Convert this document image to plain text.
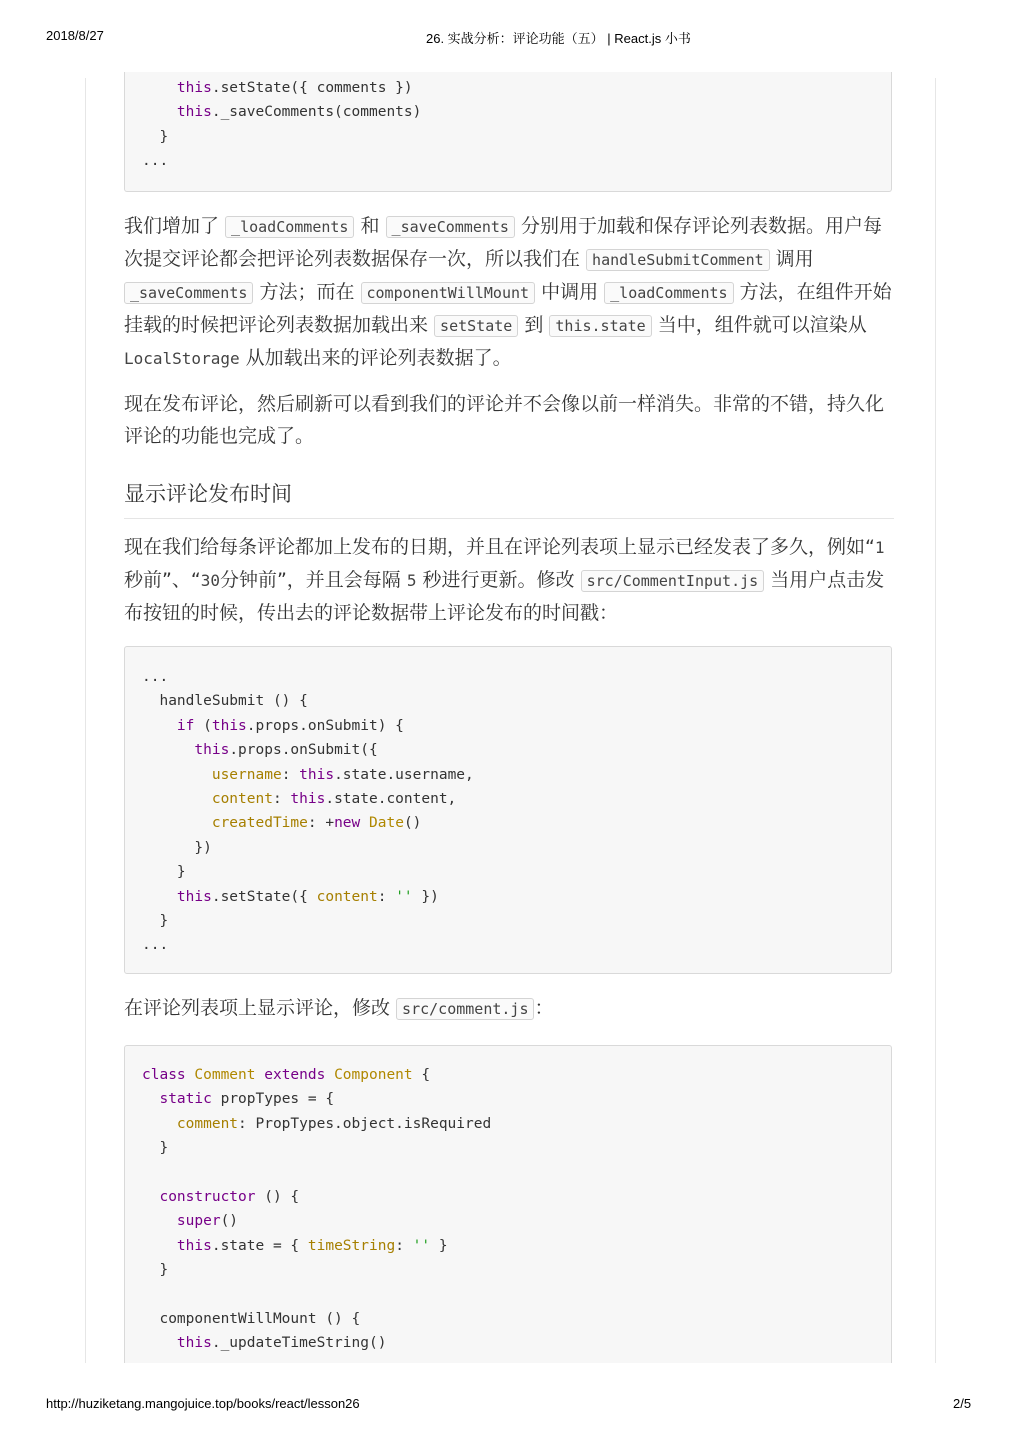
2018/8/27	26. 实战分析：评论功能（五） | React.js 小书
this.setState({ comments })
this._saveComments(comments)
}
...
我们增加了 _loadComments 和 _saveComments 分别用于加载和保存评论列表数据。用户每次提交评论都会把评论列表数据保存一次，所以我们在 handleSubmitComment 调用 _saveComments 方法；而在 componentWillMount 中调用 _loadComments 方法，在组件开始挂载的时候把评论列表数据加载出来 setState 到 this.state 当中，组件就可以渲染从 LocalStorage 从加载出来的评论列表数据了。
现在发布评论，然后刷新可以看到我们的评论并不会像以前一样消失。非常的不错，持久化评论的功能也完成了。
显示评论发布时间
现在我们给每条评论都加上发布的日期，并且在评论列表项上显示已经发表了多久，例如“1 秒前”、“30分钟前”，并且会每隔 5 秒进行更新。修改 src/CommentInput.js 当用户点击发布按钮的时候，传出去的评论数据带上评论发布的时间戳：
...
handleSubmit () {
if (this.props.onSubmit) {
this.props.onSubmit({
username: this.state.username,
content: this.state.content,
createdTime: +new Date()
})
}
this.setState({ content: '' })
}
...
在评论列表项上显示评论，修改 src/comment.js ：
class Comment extends Component {
static propTypes = {
comment: PropTypes.object.isRequired
}
constructor () {
super()
this.state = { timeString: '' }
}
componentWillMount () {
this._updateTimeString()
http://huziketang.mangojuice.top/books/react/lesson26	2/5
